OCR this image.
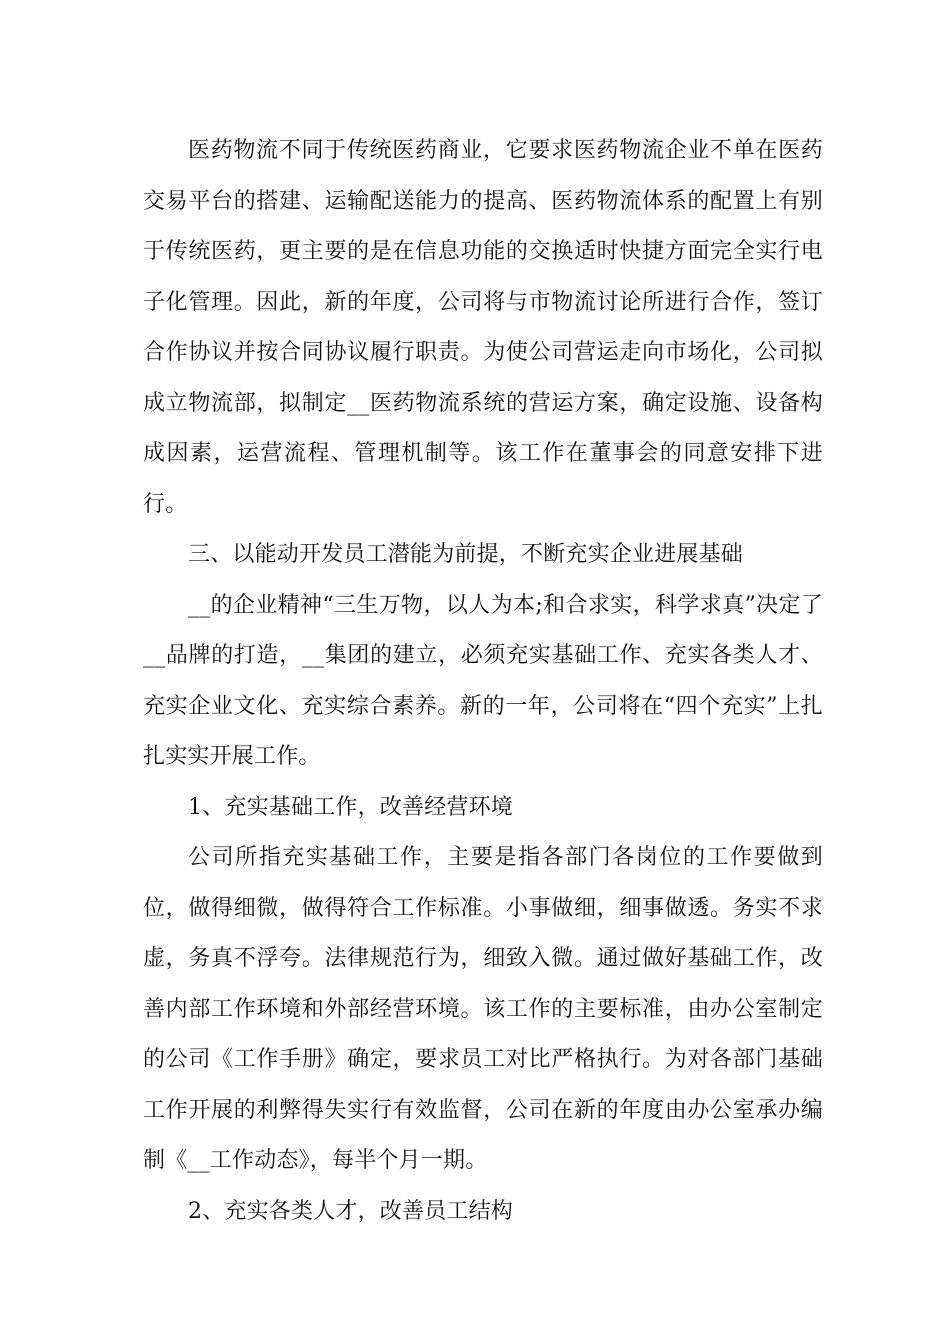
医药物流不同于传统医药商业，它要求医药物流企业不单在医药交易平台的搭建、运输配送能力的提高、医药物流体系的配置上有别于传统医药，更主要的是在信息功能的交换适时快捷方面完全实行电子化管理。因此，新的年度，公司将与市物流讨论所进行合作，签订合作协议并按合同协议履行职责。为使公司营运走向市场化，公司拟成立物流部，拟制定__医药物流系统的营运方案，确定设施、设备构成因素，运营流程、管理机制等。该工作在董事会的同意安排下进行。

三、以能动开发员工潜能为前提，不断充实企业进展基础

__的企业精神“三生万物，以人为本;和合求实，科学求真”决定了__品牌的打造，__集团的建立，必须充实基础工作、充实各类人才、充实企业文化、充实综合素养。新的一年，公司将在“四个充实”上扎扎实实开展工作。

1、充实基础工作，改善经营环境

公司所指充实基础工作，主要是指各部门各岗位的工作要做到位，做得细微，做得符合工作标准。小事做细，细事做透。务实不求虚，务真不浮夸。法律规范行为，细致入微。通过做好基础工作，改善内部工作环境和外部经营环境。该工作的主要标准，由办公室制定的公司《工作手册》确定，要求员工对比严格执行。为对各部门基础工作开展的利弊得失实行有效监督，公司在新的年度由办公室承办编制《__工作动态》，每半个月一期。

2、充实各类人才，改善员工结构
